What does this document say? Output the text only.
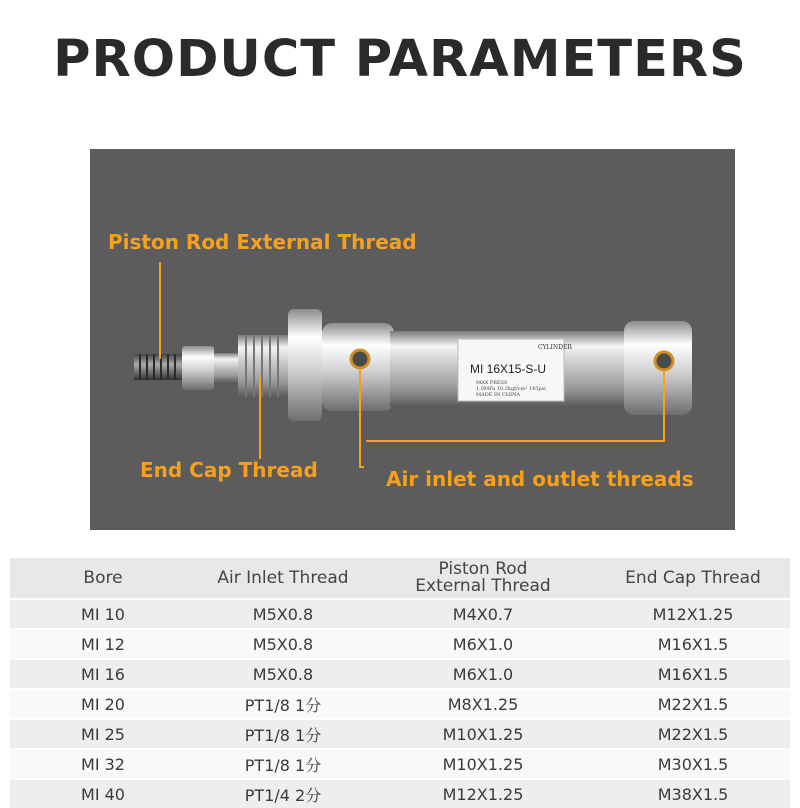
PRODUCT PARAMETERS
CYLINDER
MI 16X15-S-U
MAX PRESS
1.0MPa 10.2kgf/cm² 145psi
MADE IN CHINA
Piston Rod External Thread
End Cap Thread	Air inlet and outlet threads
Bore	Air Inlet Thread	Piston Rod
External Thread	End Cap Thread
MI 10	M5X0.8	M4X0.7	M12X1.25
MI 12	M5X0.8	M6X1.0	M16X1.5
MI 16	M5X0.8	M6X1.0	M16X1.5
MI 20	PT1/8 1分	M8X1.25	M22X1.5
MI 25	PT1/8 1分	M10X1.25	M22X1.5
MI 32	PT1/8 1分	M10X1.25	M30X1.5
MI 40	PT1/4 2分	M12X1.25	M38X1.5
